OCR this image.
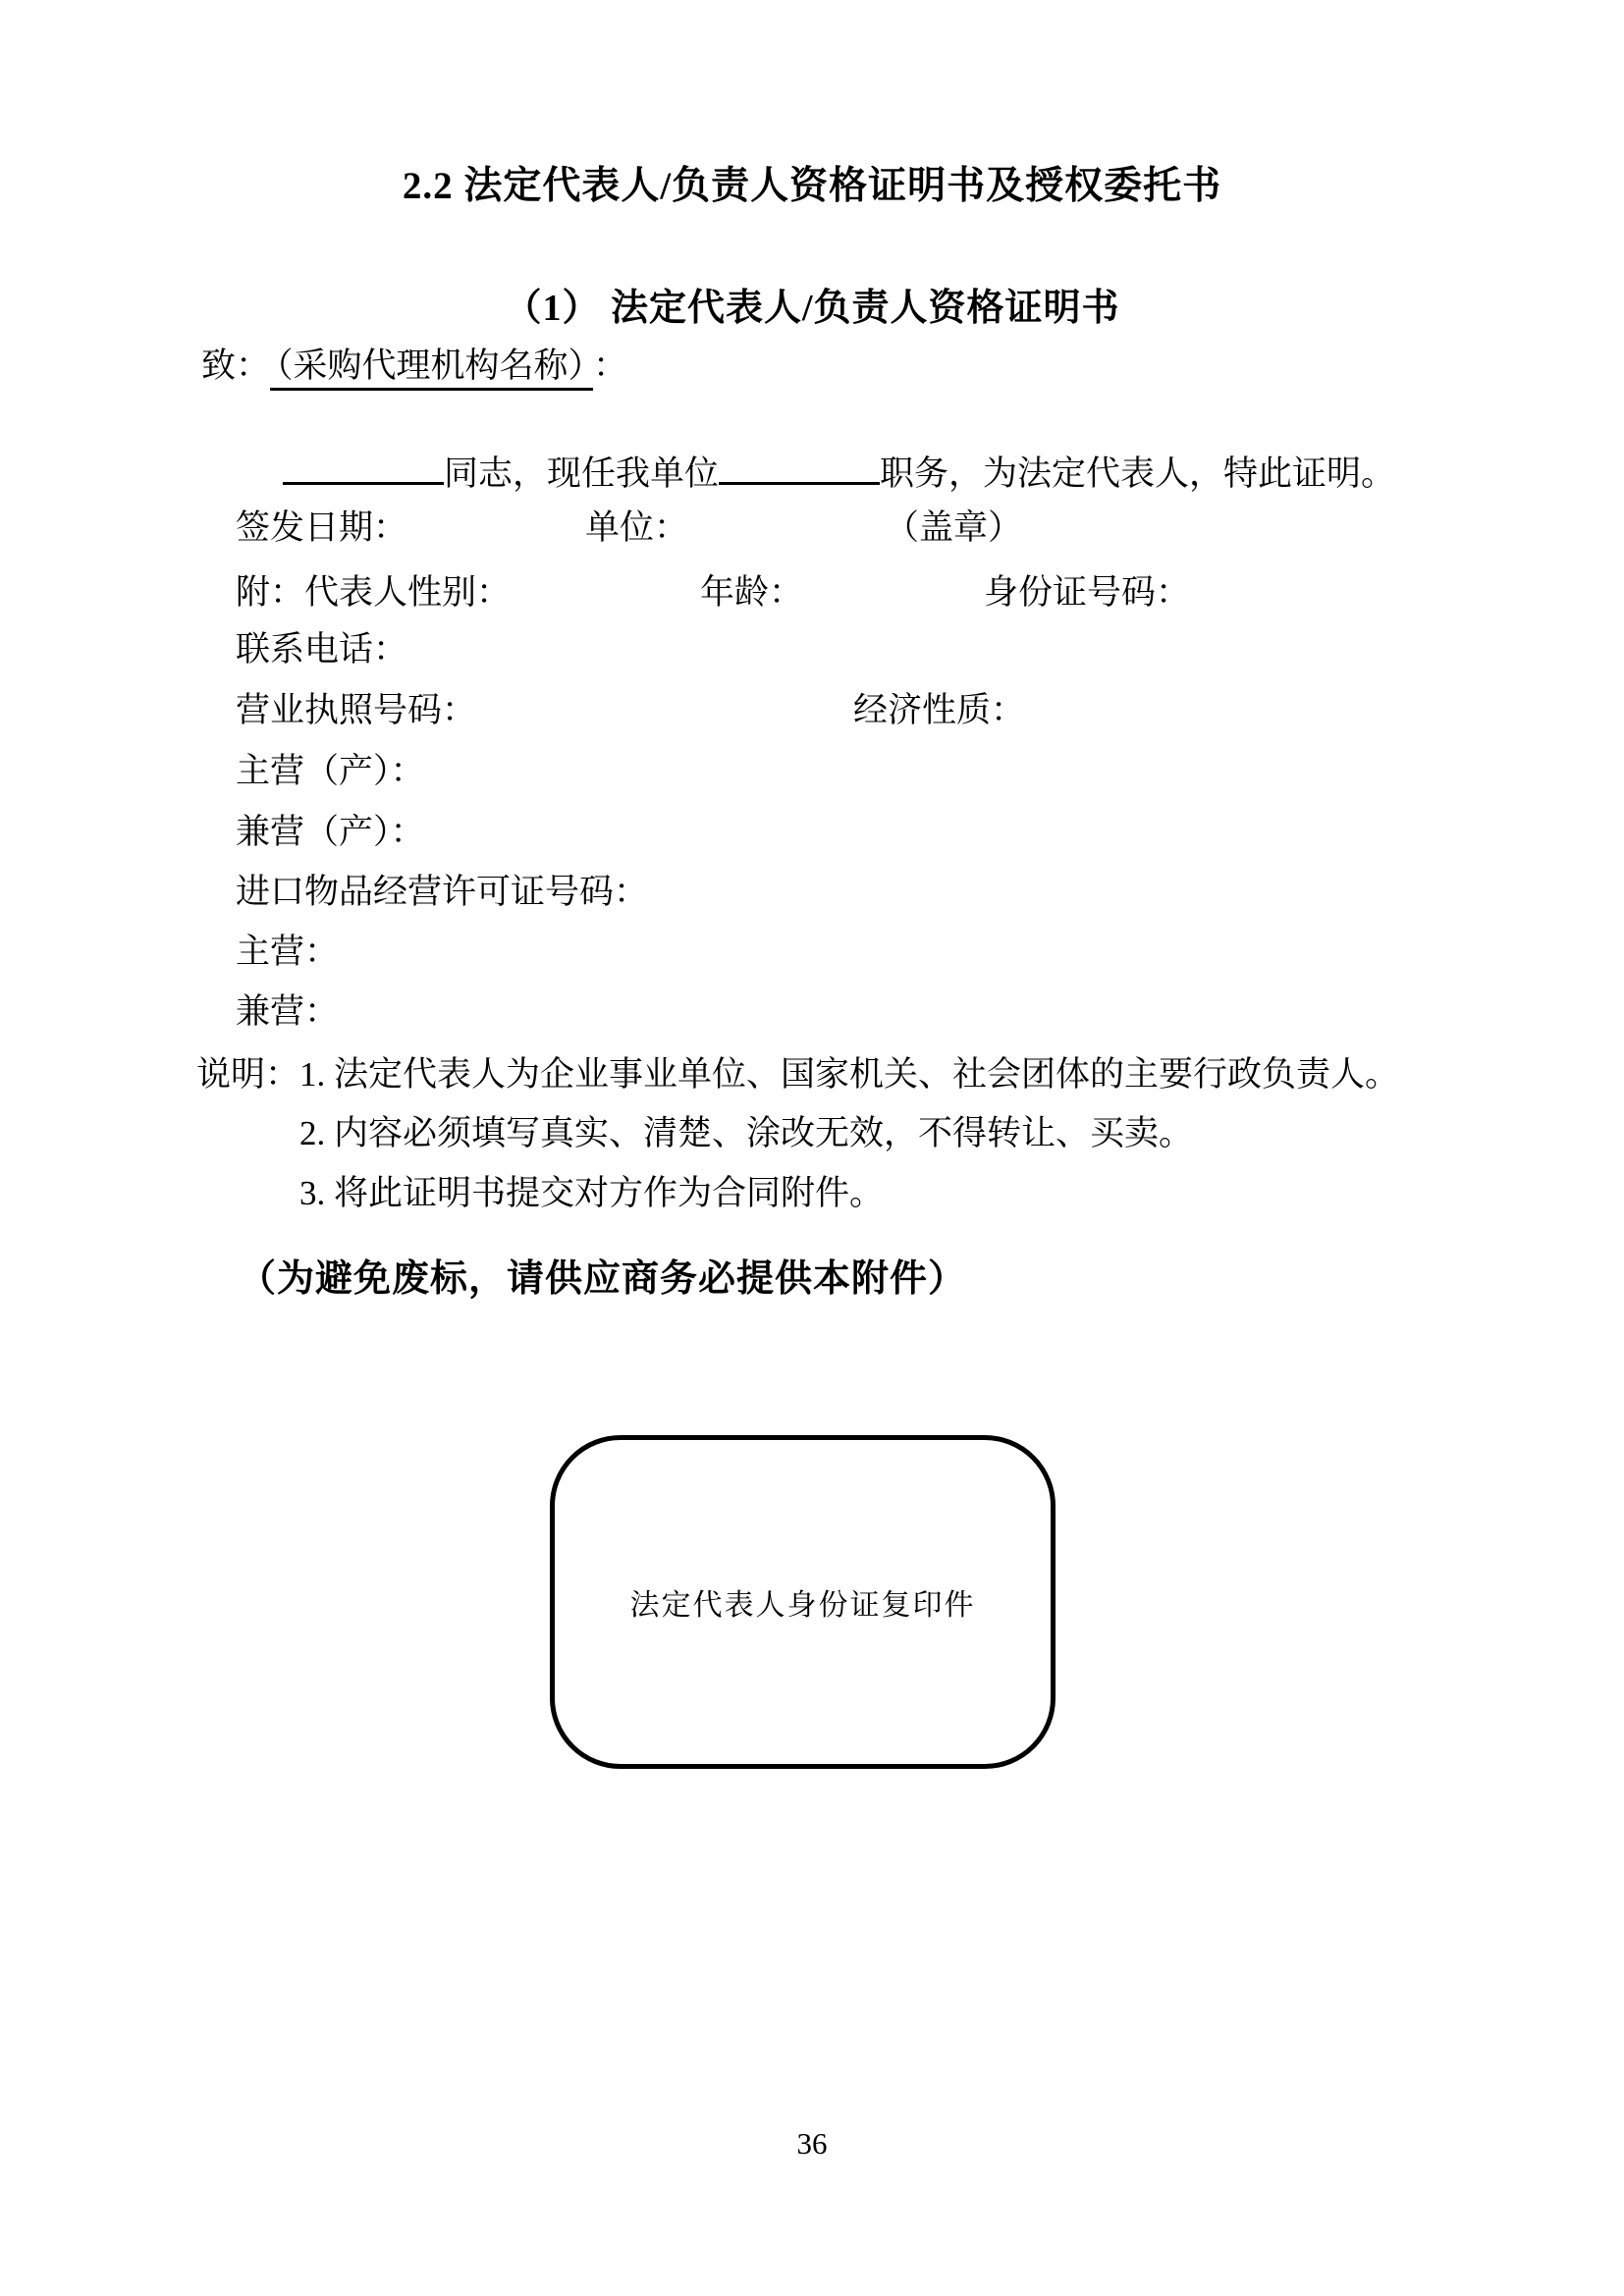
2.2 法定代表人/负责人资格证明书及授权委托书
（1） 法定代表人/负责人资格证明书
致： （采购代理机构名称） ：
同志，现任我单位	职务，为法定代表人，特此证明。
签发日期：	单位：	（盖章）
附：代表人性别：	年龄：	身份证号码：
联系电话：
营业执照号码：	经济性质：
主营（产）：
兼营（产）：
进口物品经营许可证号码：
主营：
兼营：
说明： 1. 法定代表人为企业事业单位、国家机关、社会团体的主要行政负责人。
2. 内容必须填写真实、清楚、涂改无效，不得转让、买卖。
3. 将此证明书提交对方作为合同附件。
（为避免废标，请供应商务必提供本附件）
法定代表人身份证复印件
36
